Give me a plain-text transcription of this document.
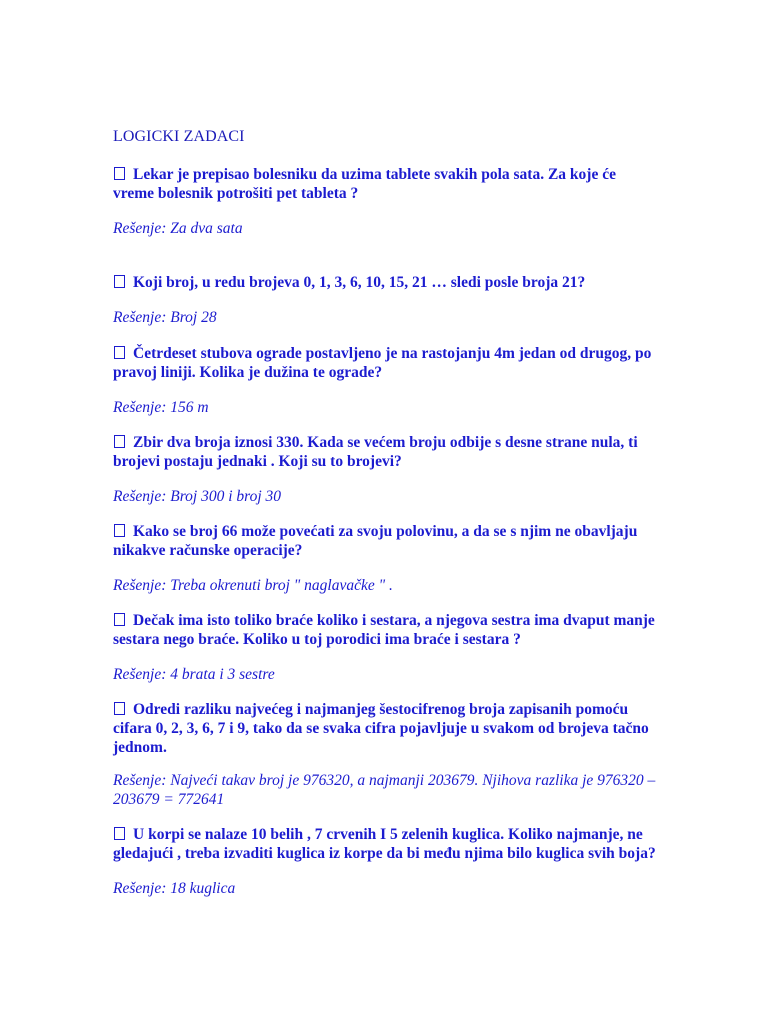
LOGICKI ZADACI
Lekar je prepisao bolesniku da uzima tablete svakih pola sata. Za koje će vreme bolesnik potrošiti pet tableta ?
Rešenje: Za dva sata
Koji broj, u redu brojeva 0, 1, 3, 6, 10, 15, 21 … sledi posle broja 21?
Rešenje: Broj 28
Četrdeset stubova ograde postavljeno je na rastojanju 4m jedan od drugog, po pravoj liniji. Kolika je dužina te ograde?
Rešenje: 156 m
Zbir dva broja iznosi 330. Kada se većem broju odbije s desne strane nula, ti brojevi postaju jednaki . Koji su to brojevi?
Rešenje: Broj 300 i broj 30
Kako se broj 66 može povećati za svoju polovinu, a da se s njim ne obavljaju nikakve računske operacije?
Rešenje: Treba okrenuti broj " naglavačke " .
Dečak ima isto toliko braće koliko i sestara, a njegova sestra ima dvaput manje sestara nego braće. Koliko u toj porodici ima braće i sestara ?
Rešenje: 4 brata i 3 sestre
Odredi razliku najvećeg i najmanjeg šestocifrenog broja zapisanih pomoću cifara 0, 2, 3, 6, 7 i 9, tako da se svaka cifra pojavljuje u svakom od brojeva tačno jednom.
Rešenje: Najveći takav broj je 976320, a najmanji 203679. Njihova razlika je 976320 – 203679 = 772641
U korpi se nalaze 10 belih , 7 crvenih I 5 zelenih kuglica. Koliko najmanje, ne gledajući , treba izvaditi kuglica iz korpe da bi među njima bilo kuglica svih boja?
Rešenje: 18 kuglica
